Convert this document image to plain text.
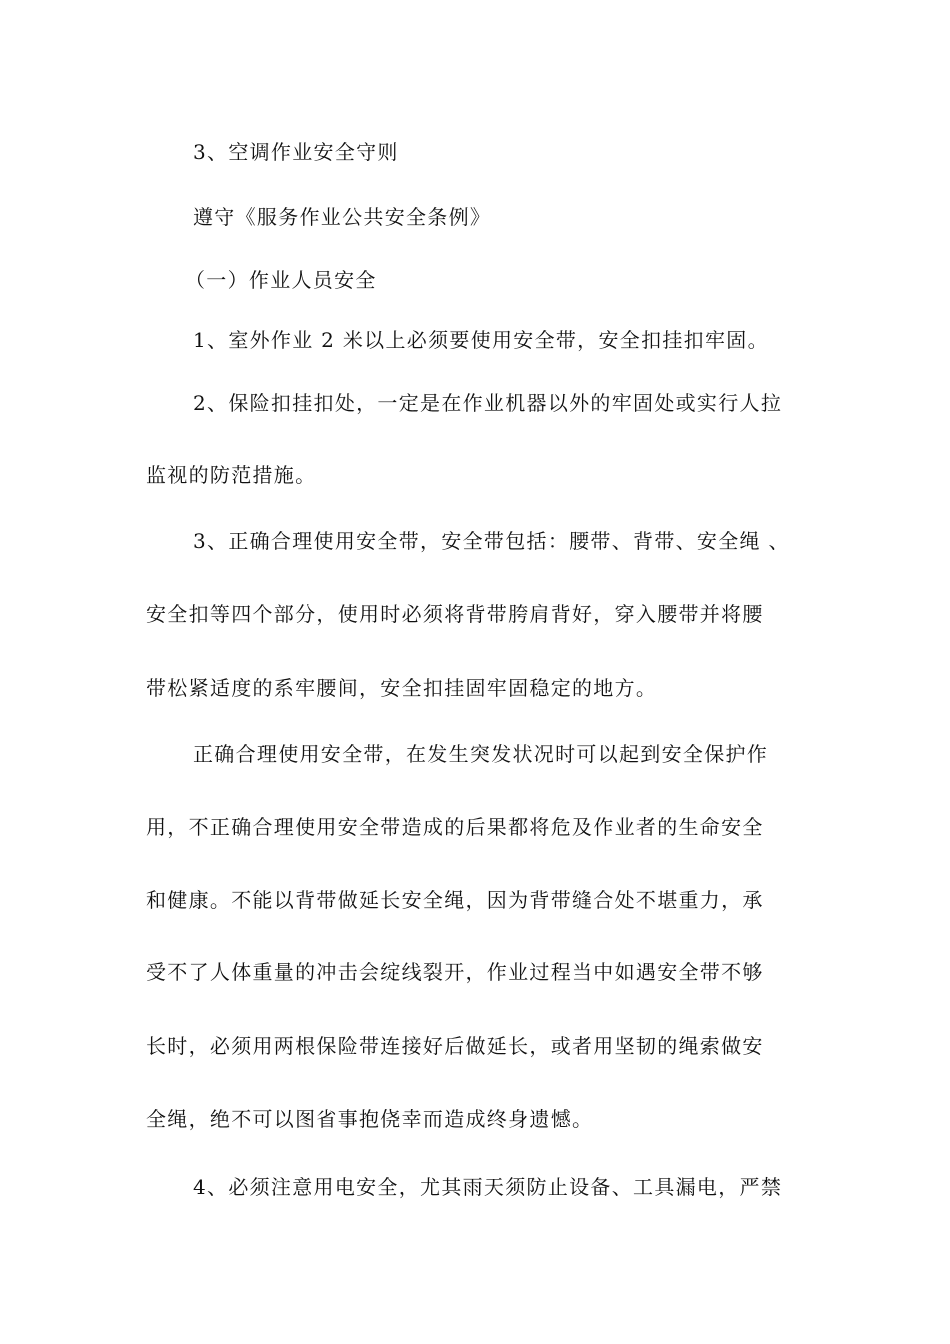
3、空调作业安全守则
遵守《服务作业公共安全条例》
（一）作业人员安全
1、室外作业 2 米以上必须要使用安全带，安全扣挂扣牢固。
2、保险扣挂扣处，一定是在作业机器以外的牢固处或实行人拉
监视的防范措施。
3、正确合理使用安全带，安全带包括：腰带、背带、安全绳 、
安全扣等四个部分，使用时必须将背带胯肩背好，穿入腰带并将腰
带松紧适度的系牢腰间，安全扣挂固牢固稳定的地方。
正确合理使用安全带，在发生突发状况时可以起到安全保护作
用，不正确合理使用安全带造成的后果都将危及作业者的生命安全
和健康。不能以背带做延长安全绳，因为背带缝合处不堪重力，承
受不了人体重量的冲击会绽线裂开，作业过程当中如遇安全带不够
长时，必须用两根保险带连接好后做延长，或者用坚韧的绳索做安
全绳，绝不可以图省事抱侥幸而造成终身遗憾。
4、必须注意用电安全，尤其雨天须防止设备、工具漏电，严禁
